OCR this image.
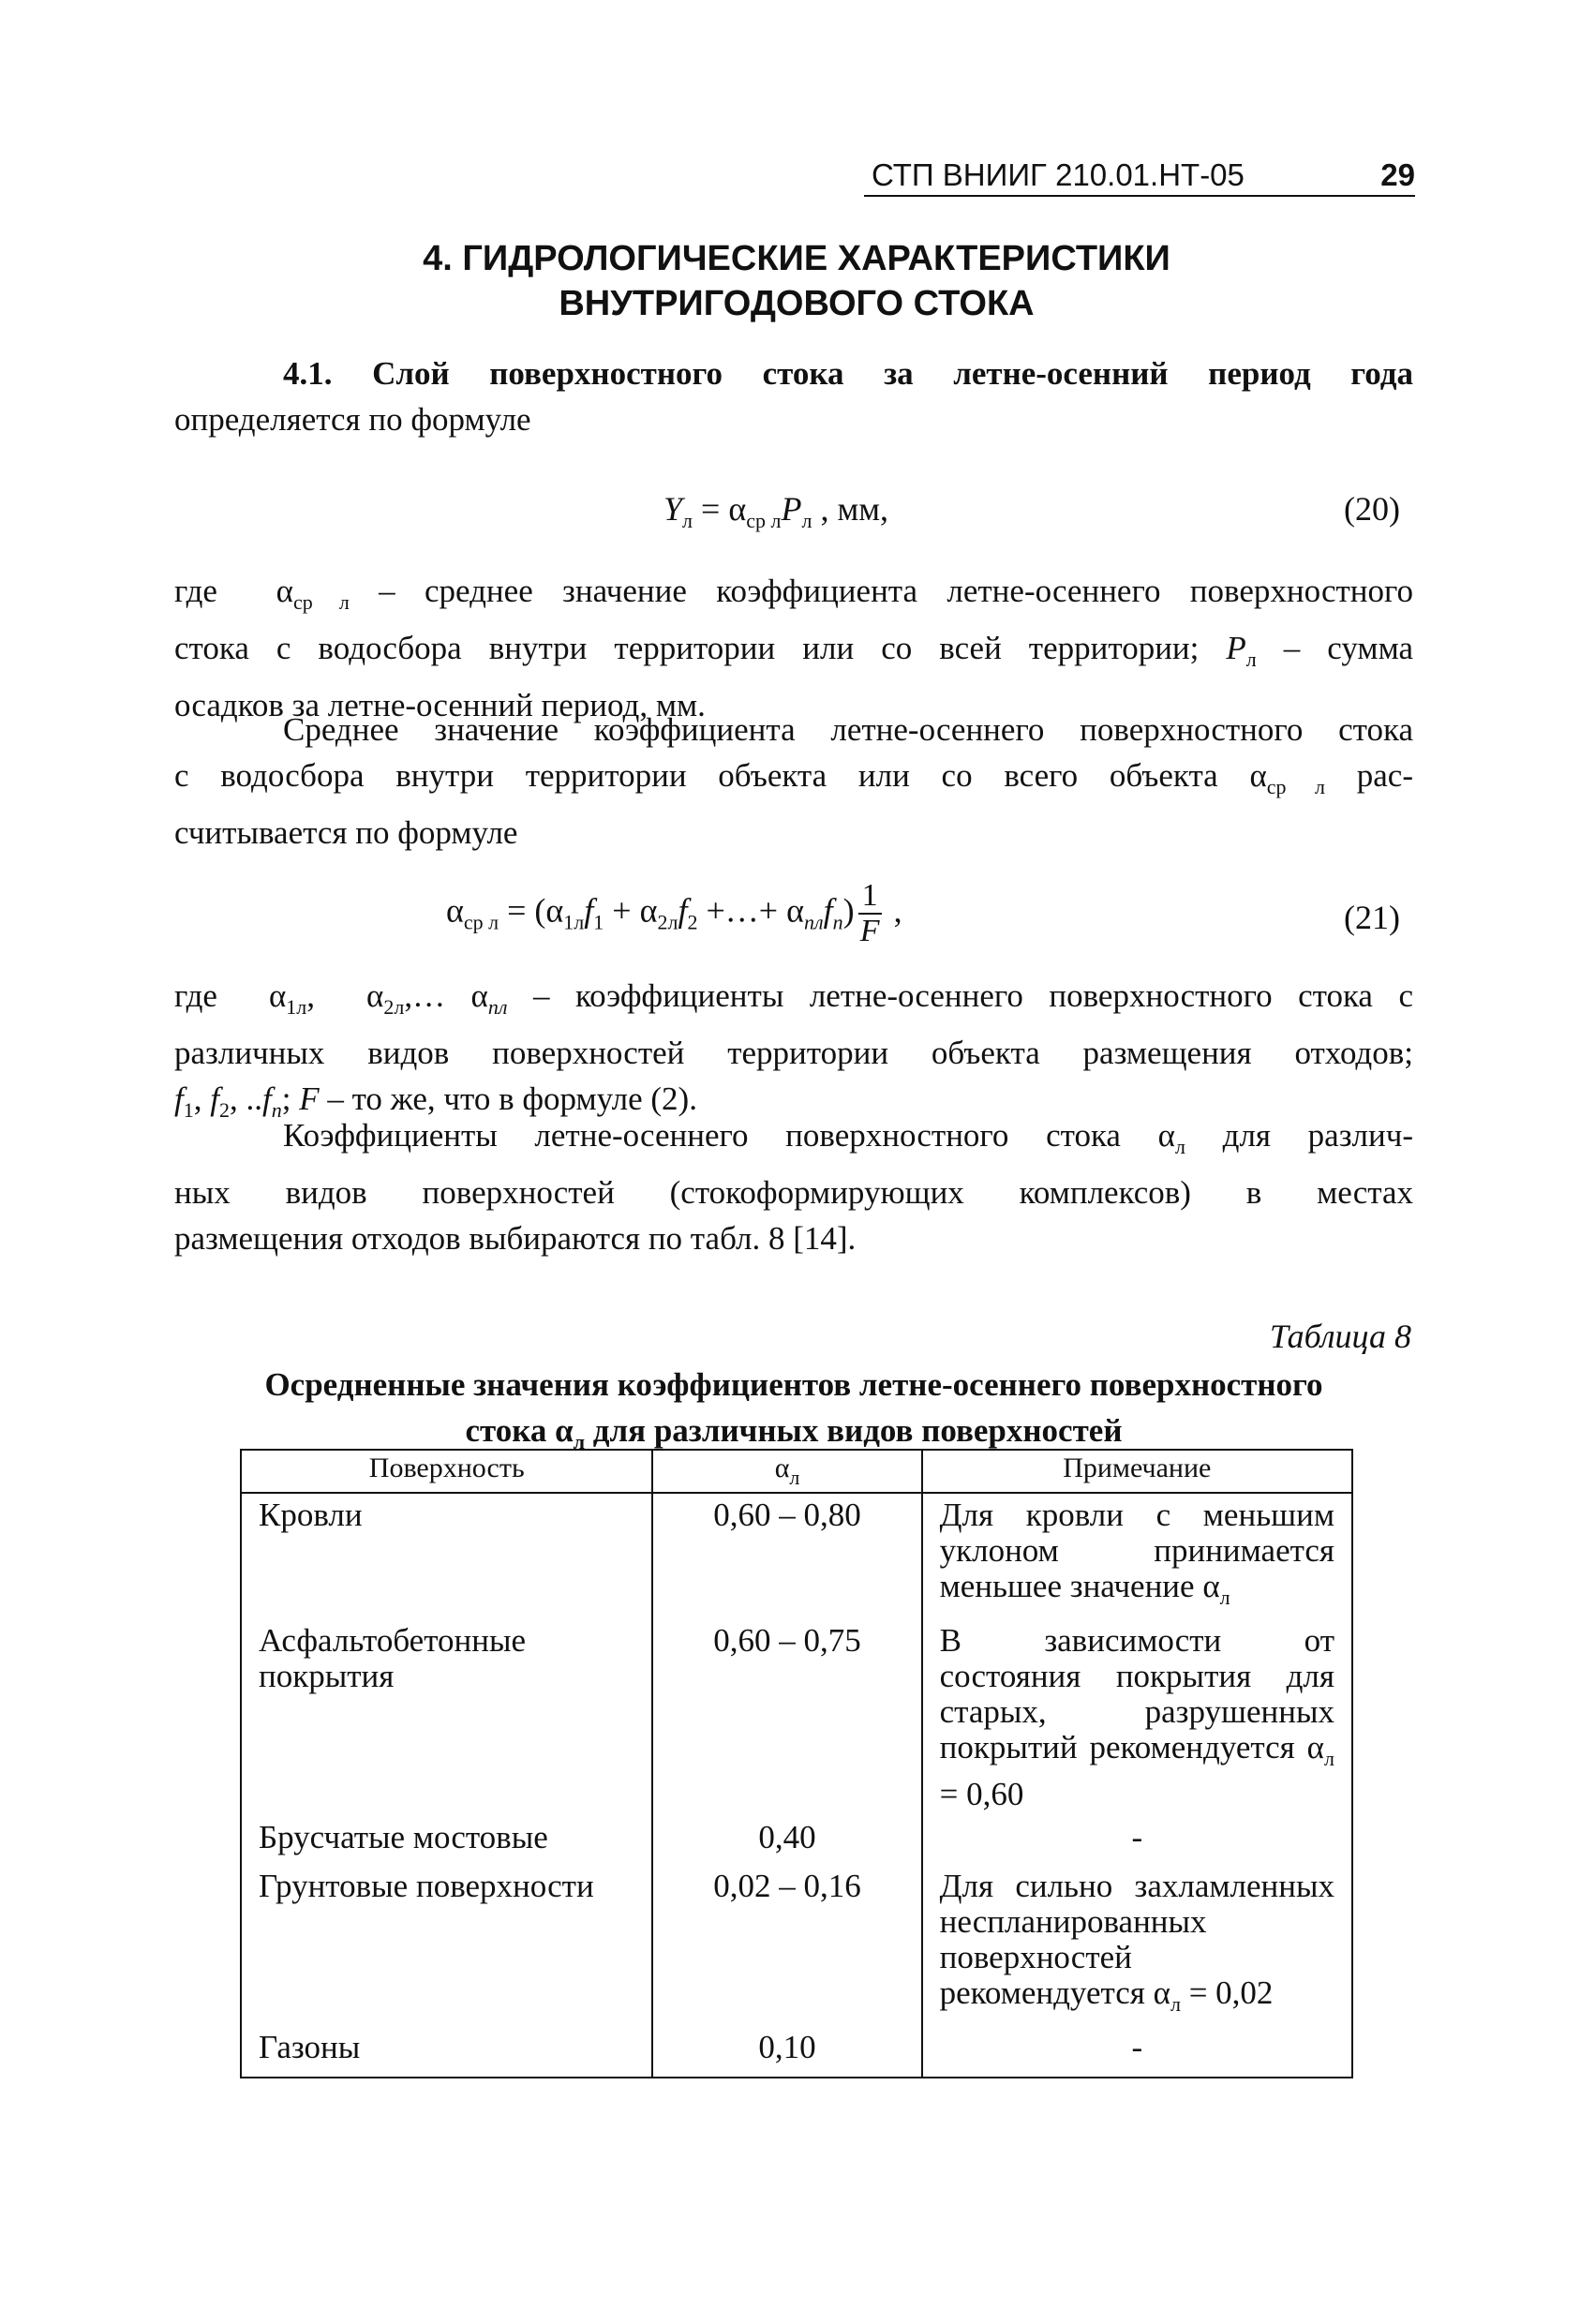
СТП ВНИИГ 210.01.НТ-05	29
4. ГИДРОЛОГИЧЕСКИЕ ХАРАКТЕРИСТИКИ
ВНУТРИГОДОВОГО СТОКА
4.1. Слой поверхностного стока за летне-осенний период года
определяется по формуле
$Y_л = \alpha_{ср л}P_л$ , мм,	(20)
где $\alpha_{ср л}$ – среднее значение коэффициента летне-осеннего поверхностного
стока с водосбора внутри территории или со всей территории; $P_л$ – сумма
осадков за летне-осенний период, мм.
Среднее значение коэффициента летне-осеннего поверхностного стока
с водосбора внутри территории объекта или со всего объекта $\alpha_{ср л}$ рас-
считывается по формуле
$\alpha_{ср л} = (\alpha_{1л}f_1 + \alpha_{2л}f_2$ +…+ $\alpha_{nл}f_n) \frac{1}{F}$ ,	(21)
где $\alpha_{1л}$,  $\alpha_{2л},\dots$ $\alpha_{nл}$ – коэффициенты летне-осеннего поверхностного стока с
различных видов поверхностей территории объекта размещения отходов;
$f_1$, $f_2$, $..f_n$; F – то же, что в формуле (2).
Коэффициенты летне-осеннего поверхностного стока $\alpha_л$ для различ-
ных видов поверхностей (стокоформирующих комплексов) в местах
размещения отходов выбираются по табл. 8 [14].
Таблица 8
Осредненные значения коэффициентов летне-осеннего поверхностного
стока $\alpha_л$ для различных видов поверхностей
Поверхность	$\alpha_л$	Примечание
Кровли	0,60 – 0,80	Для кровли с меньшим уклоном принимается меньшее значение $\alpha_л$
Асфальтобетонные покрытия	0,60 – 0,75	В зависимости от состояния покрытия для старых, разрушенных покрытий рекомендуется $\alpha_л = 0,60$
Брусчатые мостовые	0,40	-
Грунтовые поверхности	0,02 – 0,16	Для сильно захламленных неспланированных поверхностей рекомендуется $\alpha_л = 0,02$
Газоны	0,10	-
